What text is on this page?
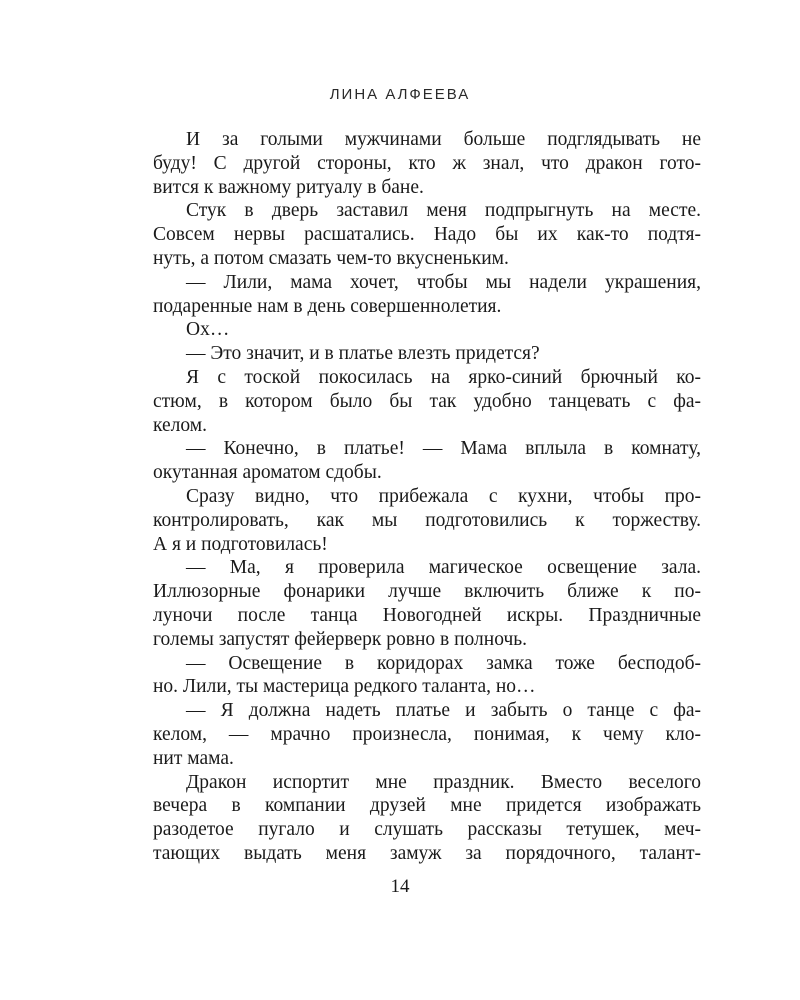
ЛИНА АЛФЕЕВА
И за голыми мужчинами больше подглядывать не
буду! С другой стороны, кто ж знал, что дракон гото-
вится к важному ритуалу в бане.
Стук в дверь заставил меня подпрыгнуть на месте.
Совсем нервы расшатались. Надо бы их как-то подтя-
нуть, а потом смазать чем-то вкусненьким.
— Лили, мама хочет, чтобы мы надели украшения,
подаренные нам в день совершеннолетия.
Ох…
— Это значит, и в платье влезть придется?
Я с тоской покосилась на ярко-синий брючный ко-
стюм, в котором было бы так удобно танцевать с фа-
келом.
— Конечно, в платье! — Мама вплыла в комнату,
окутанная ароматом сдобы.
Сразу видно, что прибежала с кухни, чтобы про-
контролировать, как мы подготовились к торжеству.
А я и подготовилась!
— Ма, я проверила магическое освещение зала.
Иллюзорные фонарики лучше включить ближе к по-
луночи после танца Новогодней искры. Праздничные
големы запустят фейерверк ровно в полночь.
— Освещение в коридорах замка тоже бесподоб-
но. Лили, ты мастерица редкого таланта, но…
— Я должна надеть платье и забыть о танце с фа-
келом, — мрачно произнесла, понимая, к чему кло-
нит мама.
Дракон испортит мне праздник. Вместо веселого
вечера в компании друзей мне придется изображать
разодетое пугало и слушать рассказы тетушек, меч-
тающих выдать меня замуж за порядочного, талант-
14
